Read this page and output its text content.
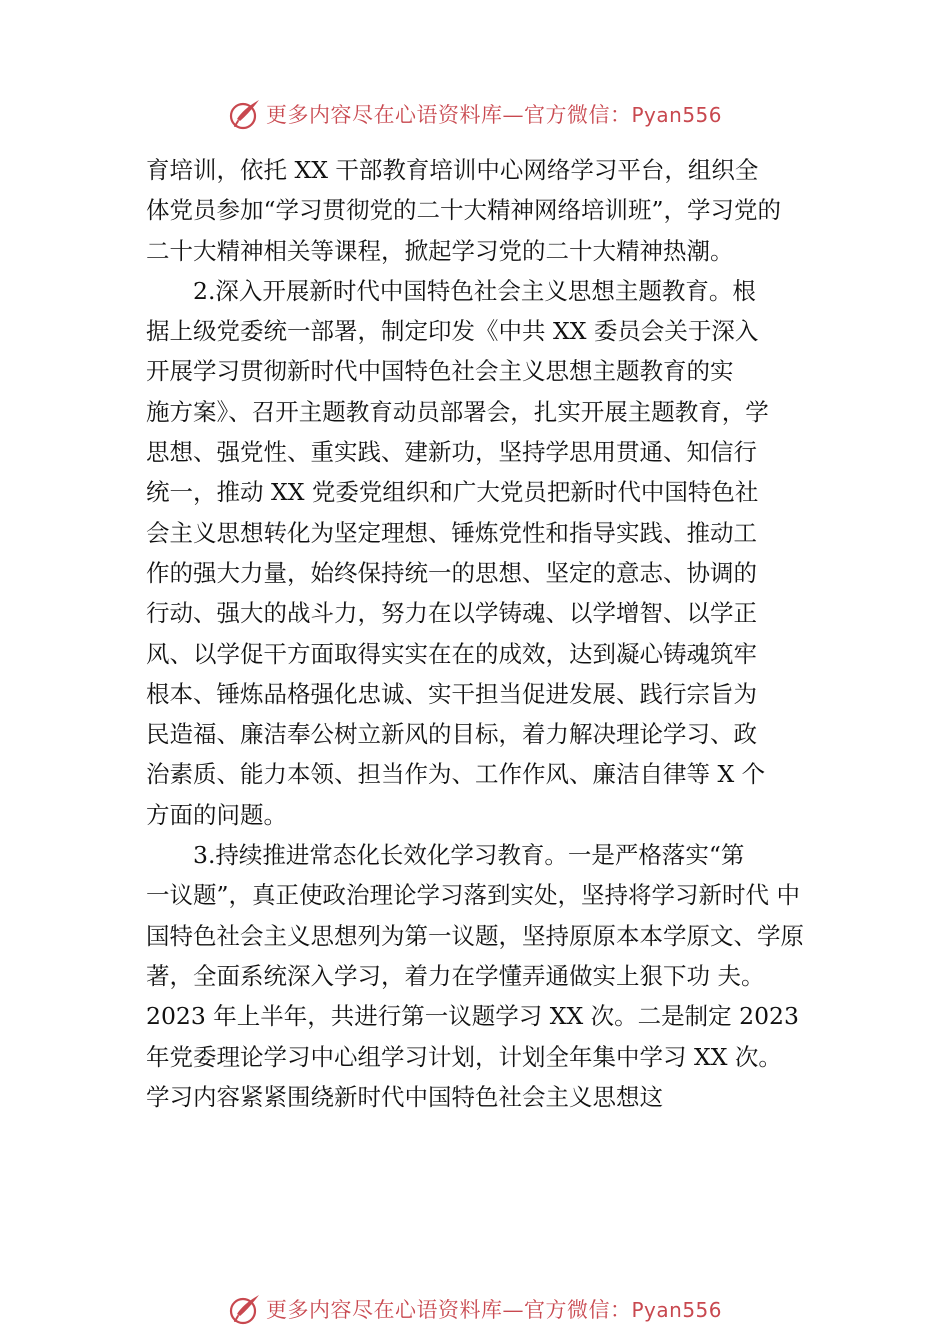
更多内容尽在心语资料库—官方微信：Pyan556
育培训，依托 XX 干部教育培训中心网络学习平台，组织全
体党员参加“学习贯彻党的二十大精神网络培训班”，学习党的
二十大精神相关等课程，掀起学习党的二十大精神热潮。
2.深入开展新时代中国特色社会主义思想主题教育。根
据上级党委统一部署，制定印发《中共 XX 委员会关于深入
开展学习贯彻新时代中国特色社会主义思想主题教育的实
施方案》、召开主题教育动员部署会，扎实开展主题教育，学
思想、强党性、重实践、建新功，坚持学思用贯通、知信行
统一，推动 XX 党委党组织和广大党员把新时代中国特色社
会主义思想转化为坚定理想、锤炼党性和指导实践、推动工
作的强大力量，始终保持统一的思想、坚定的意志、协调的
行动、强大的战斗力，努力在以学铸魂、以学增智、以学正
风、以学促干方面取得实实在在的成效，达到凝心铸魂筑牢
根本、锤炼品格强化忠诚、实干担当促进发展、践行宗旨为
民造福、廉洁奉公树立新风的目标，着力解决理论学习、政
治素质、能力本领、担当作为、工作作风、廉洁自律等 X 个
方面的问题。
3.持续推进常态化长效化学习教育。一是严格落实“第
一议题”，真正使政治理论学习落到实处，坚持将学习新时代 中
国特色社会主义思想列为第一议题，坚持原原本本学原文、学原
著，全面系统深入学习，着力在学懂弄通做实上狠下功 夫。
2023 年上半年，共进行第一议题学习 XX 次。二是制定 2023
年党委理论学习中心组学习计划，计划全年集中学习 XX 次。
学习内容紧紧围绕新时代中国特色社会主义思想这
更多内容尽在心语资料库—官方微信：Pyan556
